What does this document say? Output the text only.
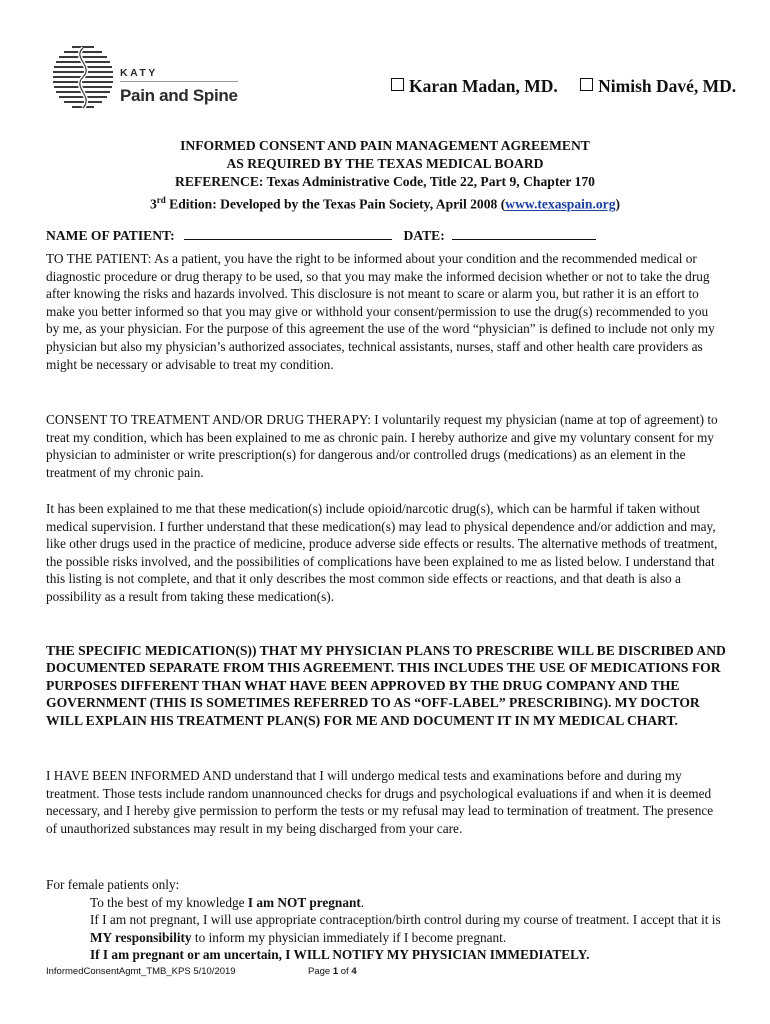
KATY
Pain and Spine	Karan Madan, MD. Nimish Davé, MD.
INFORMED CONSENT AND PAIN MANAGEMENT AGREEMENT
AS REQUIRED BY THE TEXAS MEDICAL BOARD
REFERENCE: Texas Administrative Code, Title 22, Part 9, Chapter 170
3rd Edition: Developed by the Texas Pain Society, April 2008 (www.texaspain.org)
NAME OF PATIENT:	DATE:
TO THE PATIENT: As a patient, you have the right to be informed about your condition and the recommended medical or diagnostic procedure or drug therapy to be used, so that you may make the informed decision whether or not to take the drug after knowing the risks and hazards involved. This disclosure is not meant to scare or alarm you, but rather it is an effort to make you better informed so that you may give or withhold your consent/permission to use the drug(s) recommended to you by me, as your physician. For the purpose of this agreement the use of the word “physician” is defined to include not only my physician but also my physician’s authorized associates, technical assistants, nurses, staff and other health care providers as might be necessary or advisable to treat my condition.
CONSENT TO TREATMENT AND/OR DRUG THERAPY: I voluntarily request my physician (name at top of agreement) to treat my condition, which has been explained to me as chronic pain. I hereby authorize and give my voluntary consent for my physician to administer or write prescription(s) for dangerous and/or controlled drugs (medications) as an element in the treatment of my chronic pain.
It has been explained to me that these medication(s) include opioid/narcotic drug(s), which can be harmful if taken without medical supervision. I further understand that these medication(s) may lead to physical dependence and/or addiction and may, like other drugs used in the practice of medicine, produce adverse side effects or results. The alternative methods of treatment, the possible risks involved, and the possibilities of complications have been explained to me as listed below. I understand that this listing is not complete, and that it only describes the most common side effects or reactions, and that death is also a possibility as a result from taking these medication(s).
THE SPECIFIC MEDICATION(S)) THAT MY PHYSICIAN PLANS TO PRESCRIBE WILL BE DISCRIBED AND DOCUMENTED SEPARATE FROM THIS AGREEMENT. THIS INCLUDES THE USE OF MEDICATIONS FOR PURPOSES DIFFERENT THAN WHAT HAVE BEEN APPROVED BY THE DRUG COMPANY AND THE GOVERNMENT (THIS IS SOMETIMES REFERRED TO AS “OFF-LABEL” PRESCRIBING). MY DOCTOR WILL EXPLAIN HIS TREATMENT PLAN(S) FOR ME AND DOCUMENT IT IN MY MEDICAL CHART.
I HAVE BEEN INFORMED AND understand that I will undergo medical tests and examinations before and during my treatment. Those tests include random unannounced checks for drugs and psychological evaluations if and when it is deemed necessary, and I hereby give permission to perform the tests or my refusal may lead to termination of treatment. The presence of unauthorized substances may result in my being discharged from your care.
For female patients only:
To the best of my knowledge I am NOT pregnant.
If I am not pregnant, I will use appropriate contraception/birth control during my course of treatment. I accept that it is MY responsibility to inform my physician immediately if I become pregnant.
If I am pregnant or am uncertain, I WILL NOTIFY MY PHYSICIAN IMMEDIATELY.
InformedConsentAgmt_TMB_KPS 5/10/2019	Page 1 of 4
